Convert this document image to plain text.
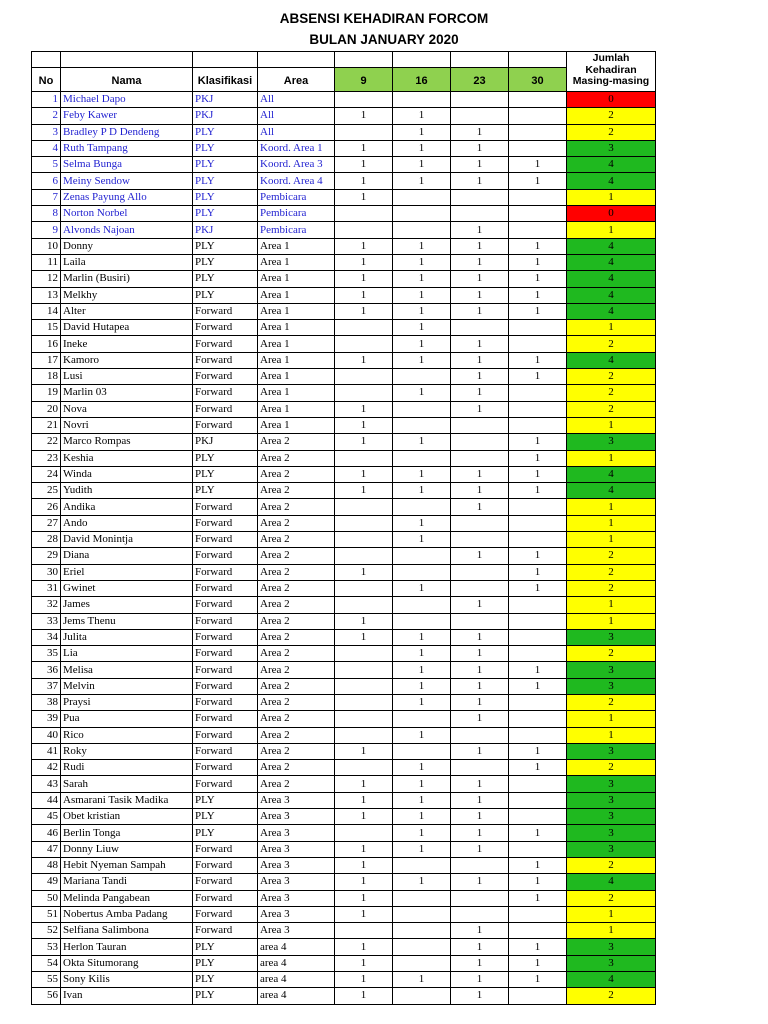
ABSENSI KEHADIRAN FORCOM
BULAN JANUARY 2020
								Jumlah Kehadiran Masing-masing
No	Nama	Klasifikasi	Area	9	16	23	30	
1	Michael Dapo	PKJ	All					0
2	Feby Kawer	PKJ	All	1	1			2
3	Bradley P D Dendeng	PLY	All		1	1		2
4	Ruth Tampang	PLY	Koord. Area 1	1	1	1		3
5	Selma Bunga	PLY	Koord. Area 3	1	1	1	1	4
6	Meiny Sendow	PLY	Koord. Area 4	1	1	1	1	4
7	Zenas Payung Allo	PLY	Pembicara	1				1
8	Norton Norbel	PLY	Pembicara					0
9	Alvonds Najoan	PKJ	Pembicara			1		1
10	Donny	PLY	Area 1	1	1	1	1	4
11	Laila	PLY	Area 1	1	1	1	1	4
12	Marlin (Busiri)	PLY	Area 1	1	1	1	1	4
13	Melkhy	PLY	Area 1	1	1	1	1	4
14	Alter	Forward	Area 1	1	1	1	1	4
15	David Hutapea	Forward	Area 1		1			1
16	Ineke	Forward	Area 1		1	1		2
17	Kamoro	Forward	Area 1	1	1	1	1	4
18	Lusi	Forward	Area 1			1	1	2
19	Marlin 03	Forward	Area 1		1	1		2
20	Nova	Forward	Area 1	1		1		2
21	Novri	Forward	Area 1	1				1
22	Marco Rompas	PKJ	Area 2	1	1		1	3
23	Keshia	PLY	Area 2				1	1
24	Winda	PLY	Area 2	1	1	1	1	4
25	Yudith	PLY	Area 2	1	1	1	1	4
26	Andika	Forward	Area 2			1		1
27	Ando	Forward	Area 2		1			1
28	David Monintja	Forward	Area 2		1			1
29	Diana	Forward	Area 2			1	1	2
30	Eriel	Forward	Area 2	1			1	2
31	Gwinet	Forward	Area 2		1		1	2
32	James	Forward	Area 2			1		1
33	Jems Thenu	Forward	Area 2	1				1
34	Julita	Forward	Area 2	1	1	1		3
35	Lia	Forward	Area 2		1	1		2
36	Melisa	Forward	Area 2		1	1	1	3
37	Melvin	Forward	Area 2		1	1	1	3
38	Praysi	Forward	Area 2		1	1		2
39	Pua	Forward	Area 2			1		1
40	Rico	Forward	Area 2		1			1
41	Roky	Forward	Area 2	1		1	1	3
42	Rudi	Forward	Area 2		1		1	2
43	Sarah	Forward	Area 2	1	1	1		3
44	Asmarani Tasik Madika	PLY	Area 3	1	1	1		3
45	Obet kristian	PLY	Area 3	1	1	1		3
46	Berlin Tonga	PLY	Area 3		1	1	1	3
47	Donny Liuw	Forward	Area 3	1	1	1		3
48	Hebit Nyeman Sampah	Forward	Area 3	1			1	2
49	Mariana Tandi	Forward	Area 3	1	1	1	1	4
50	Melinda Pangabean	Forward	Area 3	1			1	2
51	Nobertus Amba Padang	Forward	Area 3	1				1
52	Selfiana Salimbona	Forward	Area 3			1		1
53	Herlon Tauran	PLY	area 4	1		1	1	3
54	Okta Situmorang	PLY	area 4	1		1	1	3
55	Sony Kilis	PLY	area 4	1	1	1	1	4
56	Ivan	PLY	area 4	1		1		2
